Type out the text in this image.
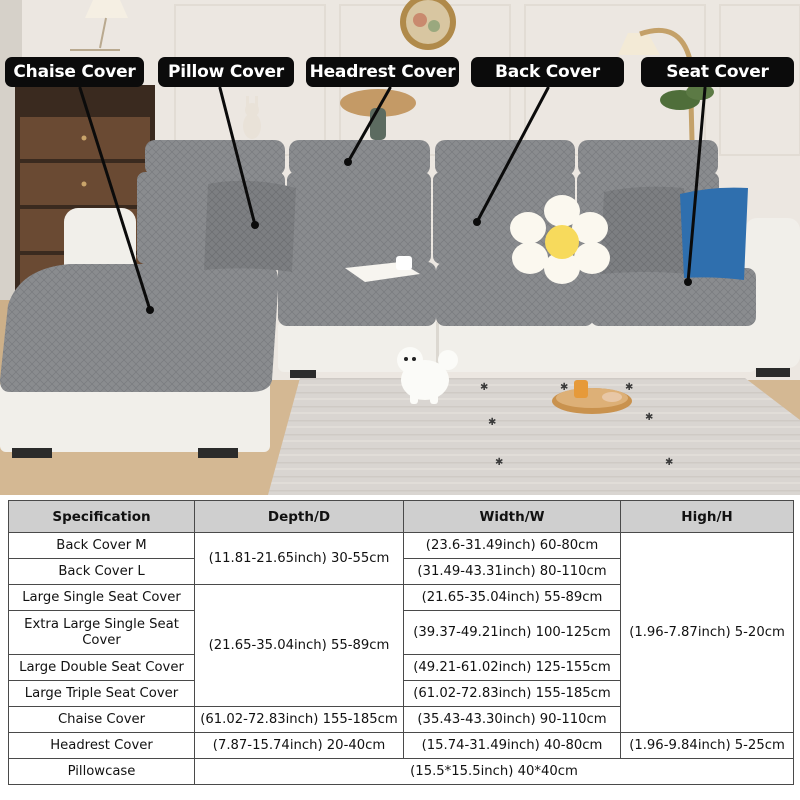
✱	✱	✱
✱	✱
✱	✱
Chaise Cover	Pillow Cover	Headrest Cover	Back Cover	Seat Cover
Specification	Depth/D	Width/W	High/H
Back Cover M	(11.81-21.65inch) 30-55cm	(23.6-31.49inch) 60-80cm	(1.96-7.87inch) 5-20cm
Back Cover L		(31.49-43.31inch) 80-110cm	
Large Single Seat Cover	(21.65-35.04inch) 55-89cm	(21.65-35.04inch) 55-89cm	
Extra Large Single Seat Cover		(39.37-49.21inch) 100-125cm	
Large Double Seat Cover		(49.21-61.02inch) 125-155cm	
Large Triple Seat Cover		(61.02-72.83inch) 155-185cm	
Chaise Cover	(61.02-72.83inch) 155-185cm	(35.43-43.30inch) 90-110cm	
Headrest Cover	(7.87-15.74inch) 20-40cm	(15.74-31.49inch) 40-80cm	(1.96-9.84inch) 5-25cm
Pillowcase	(15.5*15.5inch) 40*40cm		
